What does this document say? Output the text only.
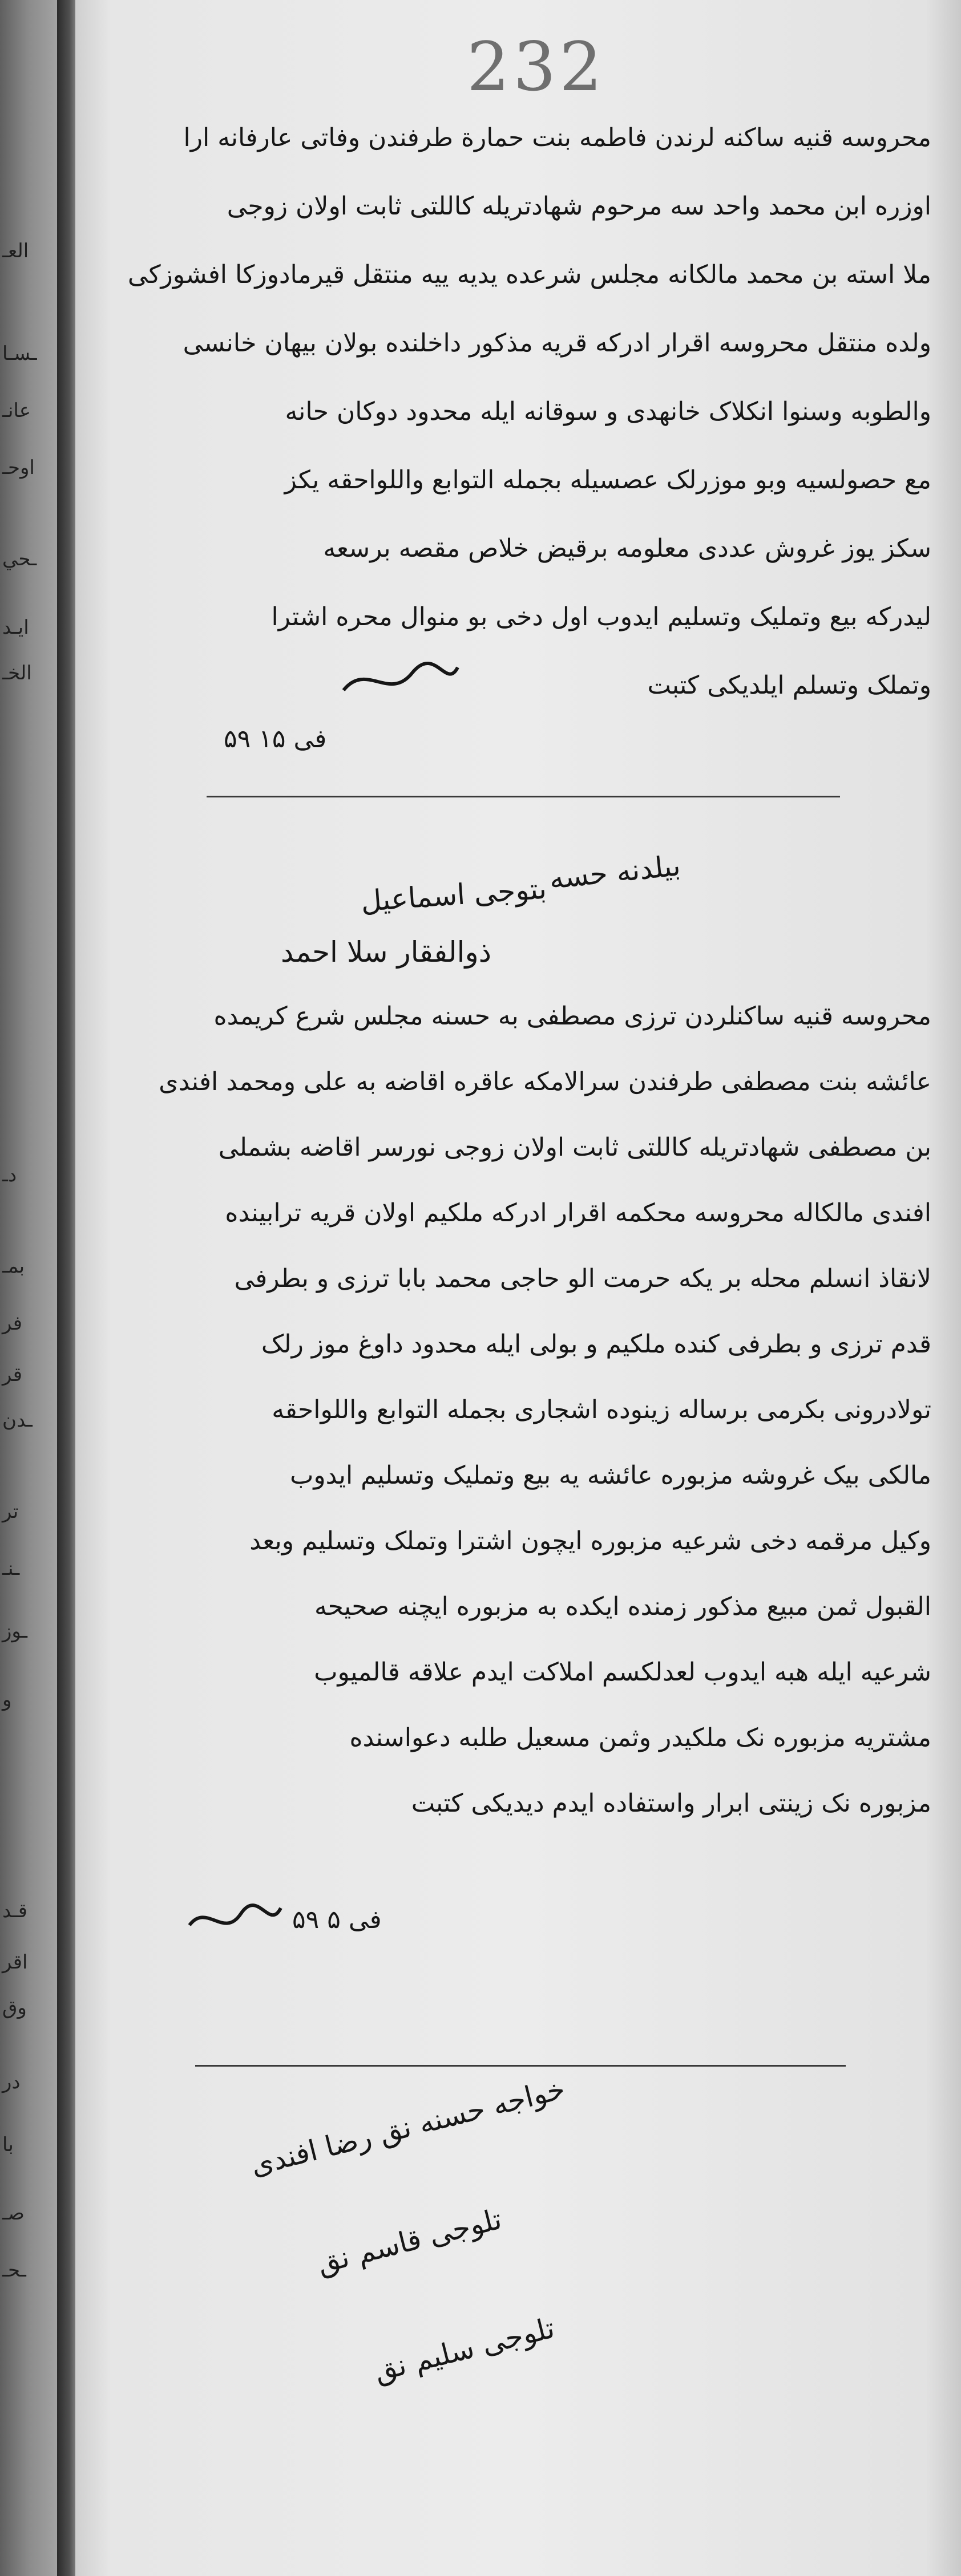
العـ
ـسـا
عانـ
اوحـ
ـحي
ايـد
الخـ
دـ
بمـ
فر
قر
ـدن
تر
ـنـ
ـوز
و
قـد
اقر
وق
در
با
صـ
ـحـ
232
محروسه قنیه ساکنه لرندن فاطمه بنت حمارة طرفندن وفاتی عارفانه ارا
اوزره ابن محمد واحد سه مرحوم شهادتریله کاللتی ثابت اولان زوجی
ملا استه بن محمد مالکانه مجلس شرعده یدیه ییه منتقل قیرمادوزکا افشوزکی
ولده منتقل محروسه اقرار ادرکه قریه مذکور داخلنده بولان بیهان خانسی
والطوبه وسنوا انکلاک خانهدی و سوقانه ایله محدود دوکان حانه
مع حصولسیه وبو موزرلک عصسیله بجمله التوابع واللواحقه یکز
سکز یوز غروش عددی معلومه برقیض خلاص مقصه برسعه
لیدرکه بیع وتملیک وتسلیم ایدوب اول دخی بو منوال محره اشترا
وتملک وتسلم ایلدیکی کتبت
فی ۱۵ ۵۹
بیلدنه حسه
بتوجی اسماعیل
ذوالفقار سلا احمد
محروسه قنیه ساکنلردن ترزی مصطفی به حسنه مجلس شرع کریمده
عائشه بنت مصطفی طرفندن سرالامکه عاقره اقاضه به علی ومحمد افندی
بن مصطفی شهادتریله کاللتی ثابت اولان زوجی نورسر اقاضه بشملی
افندی مالکاله محروسه محکمه اقرار ادرکه ملکیم اولان قریه ترابینده
لانقاذ انسلم محله بر یکه حرمت الو حاجی محمد بابا ترزی و بطرفی
قدم ترزی و بطرفی کنده ملکیم و بولی ایله محدود داوغ موز رلک
تولادرونی بکرمی برساله زینوده اشجاری بجمله التوابع واللواحقه
مالکی بیک غروشه مزبوره عائشه یه بیع وتملیک وتسلیم ایدوب
وکیل مرقمه دخی شرعیه مزبوره ایچون اشترا وتملک وتسلیم وبعد
القبول ثمن مبیع مذکور زمنده ایکده به مزبوره ایچنه صحیحه
شرعیه ایله هبه ایدوب لعدلکسم املاکت ایدم علاقه قالمیوب
مشتریه مزبوره نک ملکیدر وثمن مسعیل طلبه دعواسنده
مزبوره نک زینتی ابرار واستفاده ایدم دیدیکی کتبت
فی ۵ ۵۹
خواجه حسنه نق رضا افندی
تلوجی قاسم نق
تلوجی سلیم نق
